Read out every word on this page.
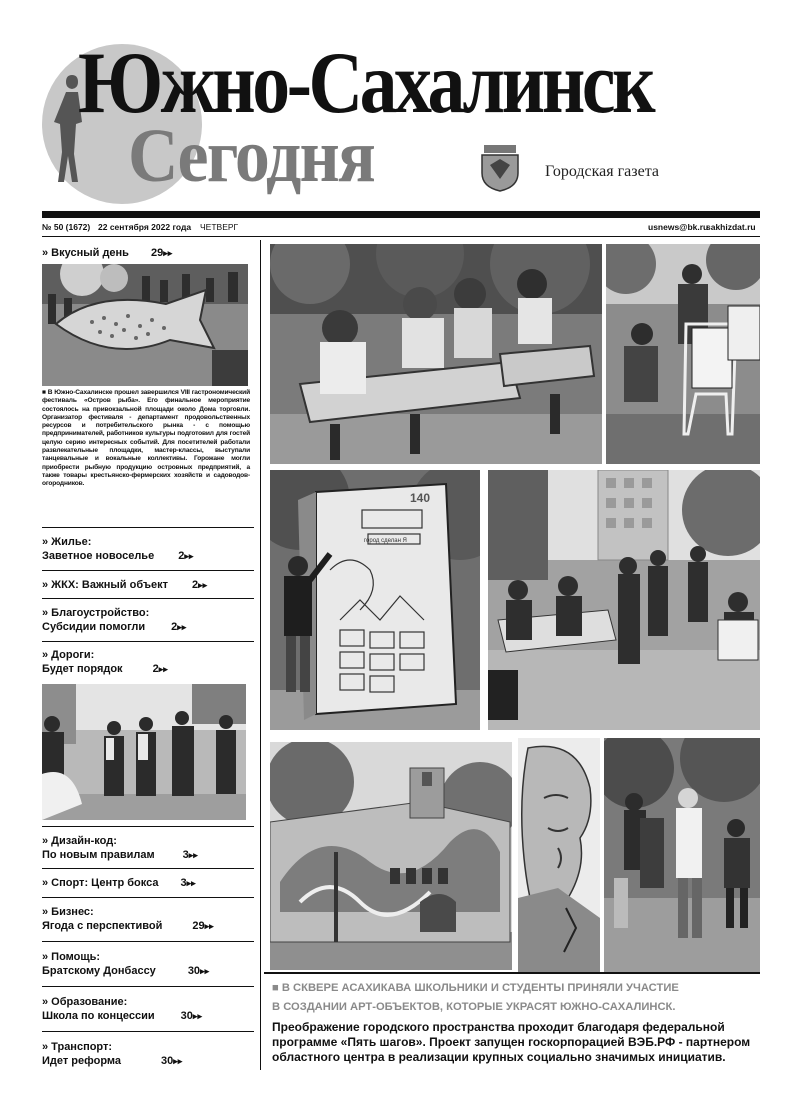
Южно-Сахалинск
Сегодня	Городская газета
№ 50 (1672) 22 сентября 2022 года ЧЕТВЕРГ	usnews@bk.ru
sakhizdat.ru
» Вкусный день 29▸▸
■ В Южно-Сахалинске прошел завершился VIII гастрономический фестиваль «Остров рыба». Его финальное мероприятие состоялось на привокзальной площади около Дома торговли. Организатор фестиваля - департамент продовольственных ресурсов и потребительского рынка - с помощью предпринимателей, работников культуры подготовил для гостей целую серию интересных событий. Для посетителей работали развлекательные площадки, мастер-классы, выступали танцевальные и вокальные коллективы. Горожане могли приобрести рыбную продукцию островных предприятий, а также товары крестьянско-фермерских хозяйств и садоводов-огородников.
» Жилье:
Заветное новоселье 2▸▸
» ЖКХ: Важный объект 2▸▸
» Благоустройство:
Субсидии помогли 2▸▸
» Дороги:
Будет порядок	2▸▸
» Дизайн-код:
По новым правилам	3▸▸
» Спорт: Центр бокса 3▸▸
» Бизнес:
Ягода с перспективой	29▸▸
» Помощь:
Братскому Донбассу	30▸▸
» Образование:
Школа по концессии 30▸▸
» Транспорт:
Идет реформа	30▸▸
140
город сделан Я
■ В СКВЕРЕ АСАХИКАВА ШКОЛЬНИКИ И СТУДЕНТЫ ПРИНЯЛИ УЧАСТИЕ
В СОЗДАНИИ АРТ-ОБЪЕКТОВ, КОТОРЫЕ УКРАСЯТ ЮЖНО-САХАЛИНСК.
Преображение городского пространства проходит благодаря федеральной
программе «Пять шагов». Проект запущен госкорпорацией ВЭБ.РФ - партнером
областного центра в реализации крупных социально значимых инициатив.
